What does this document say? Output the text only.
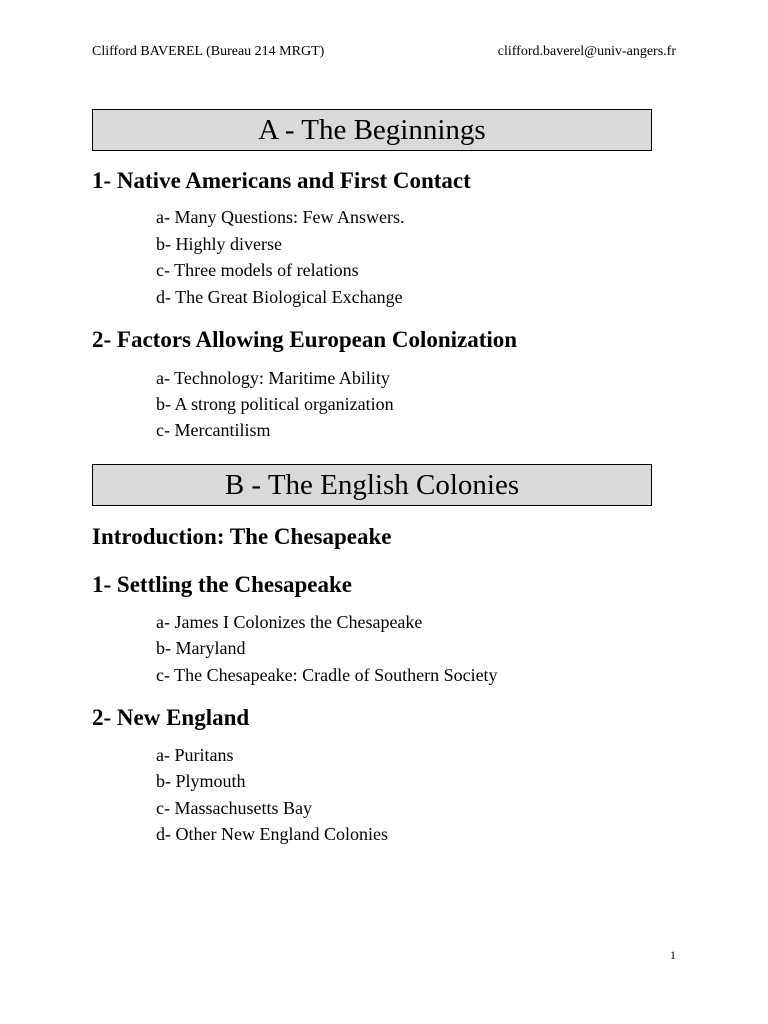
Clifford BAVEREL (Bureau 214 MRGT)	clifford.baverel@univ-angers.fr
A - The Beginnings
1- Native Americans and First Contact
a- Many Questions: Few Answers.
b- Highly diverse
c- Three models of relations
d- The Great Biological Exchange
2- Factors Allowing European Colonization
a- Technology: Maritime Ability
b- A strong political organization
c- Mercantilism
B - The English Colonies
Introduction: The Chesapeake
1- Settling the Chesapeake
a- James I Colonizes the Chesapeake
b- Maryland
c- The Chesapeake: Cradle of Southern Society
2- New England
a- Puritans
b- Plymouth
c- Massachusetts Bay
d- Other New England Colonies
1
